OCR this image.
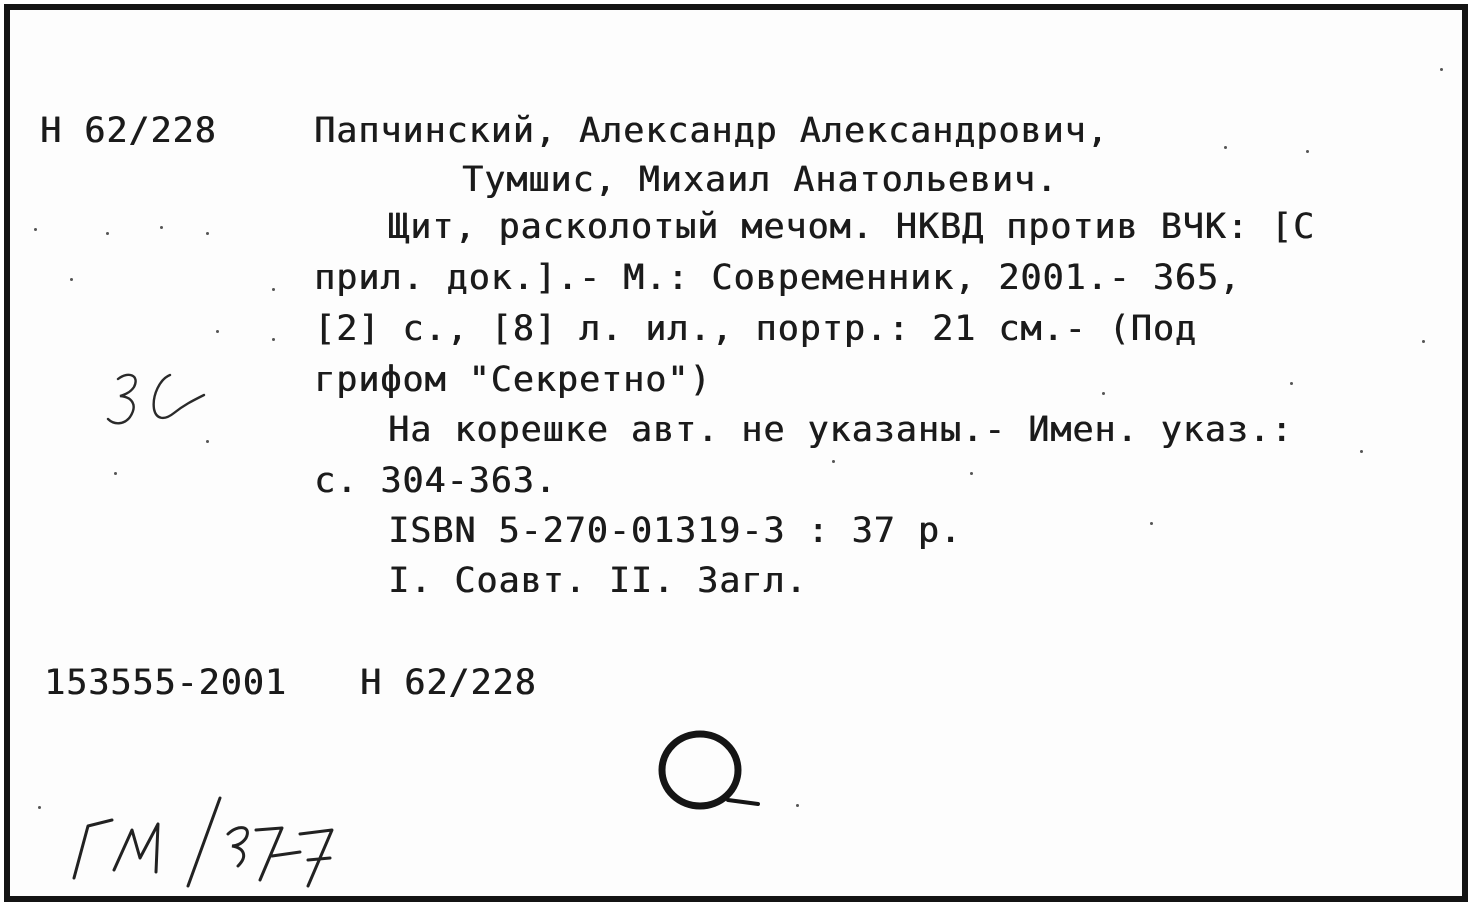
Н 62/228	Папчинский, Александр Александрович,
Тумшис, Михаил Анатольевич.
Щит, расколотый мечом. НКВД против ВЧК: [С
прил. док.].- М.: Современник, 2001.- 365,
[2] с., [8] л. ил., портр.: 21 см.- (Под
грифом "Секретно")
На корешке авт. не указаны.- Имен. указ.:
с. 304-363.
ISBN 5-270-01319-3 : 37 р.
I. Соавт. II. Загл.
153555-2001 Н 62/228
